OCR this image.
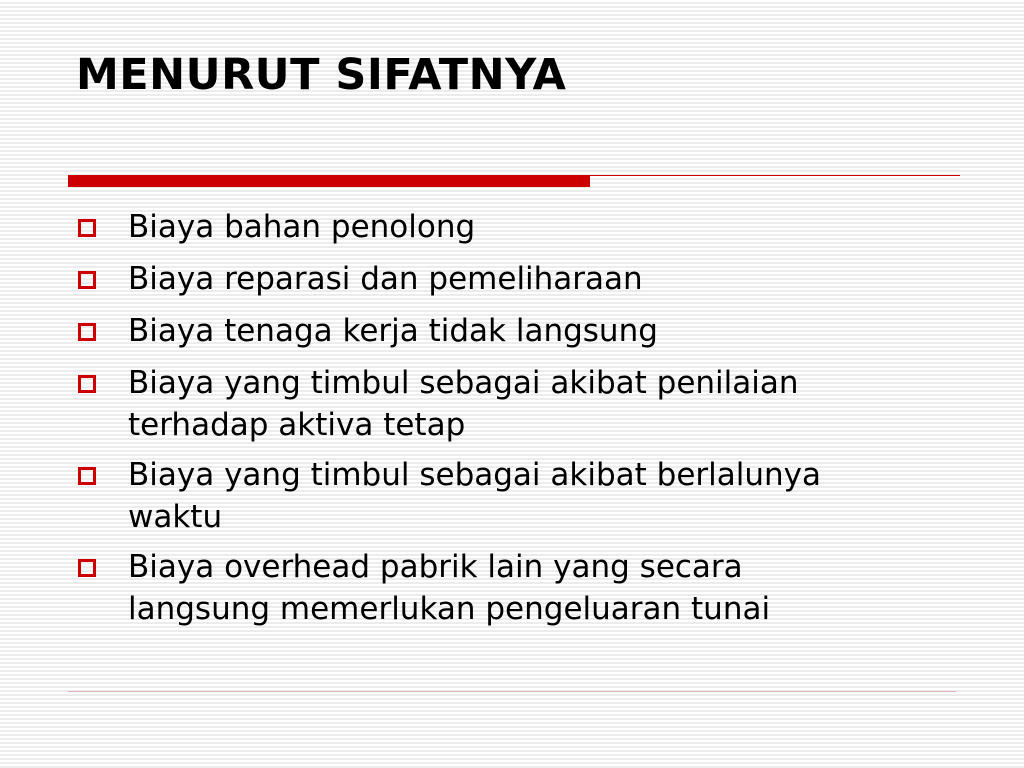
MENURUT SIFATNYA
Biaya bahan penolong
Biaya reparasi dan pemeliharaan
Biaya tenaga kerja tidak langsung
Biaya yang timbul sebagai akibat penilaian
terhadap aktiva tetap
Biaya yang timbul sebagai akibat berlalunya
waktu
Biaya overhead pabrik lain yang secara
langsung memerlukan pengeluaran tunai
